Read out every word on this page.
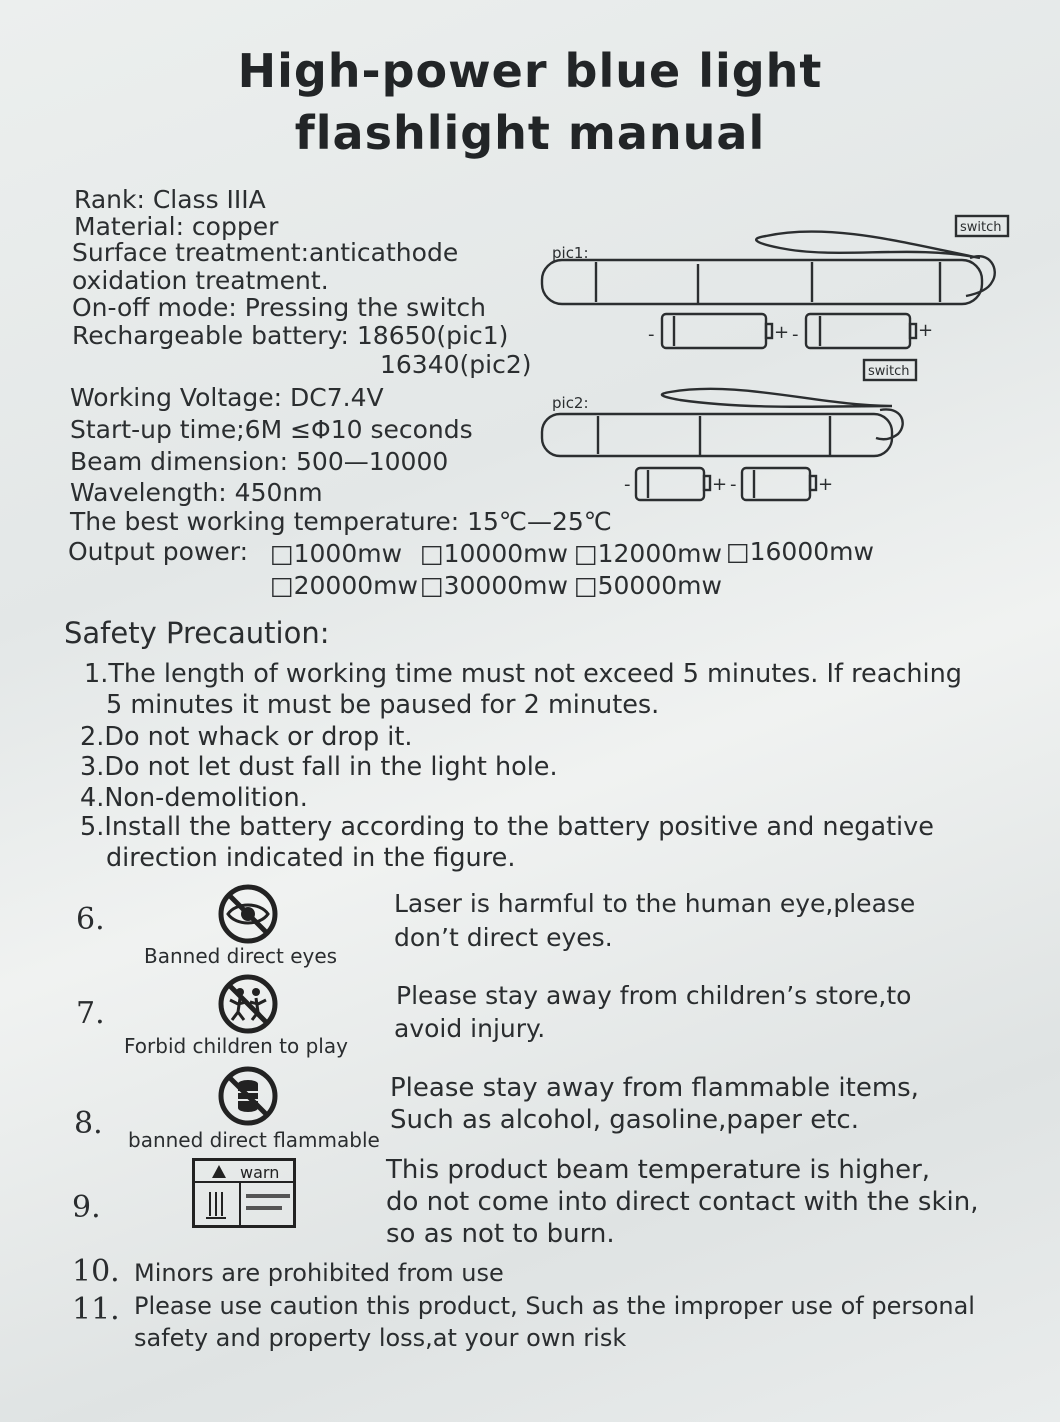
High-power blue light
flashlight manual
Rank: Class IIIA
Material: copper
Surface treatment:anticathode
oxidation treatment.
On-off mode: Pressing the switch
Rechargeable battery: 18650(pic1)
16340(pic2)
Working Voltage: DC7.4V
Start-up time;6M ≤Φ10 seconds
Beam dimension: 500—10000
Wavelength: 450nm
The best working temperature: 15℃—25℃
Output power: □1000mw □10000mw □12000mw □16000mw
□20000mw □30000mw □50000mw
pic1:
switch
-	+ -	+
pic2:
switch
-	+ -	+
Safety Precaution:
1.The length of working time must not exceed 5 minutes. If reaching
5 minutes it must be paused for 2 minutes.
2.Do not whack or drop it.
3.Do not let dust fall in the light hole.
4.Non-demolition.
5.Install the battery according to the battery positive and negative
direction indicated in the figure.
6.
Banned direct eyes
Laser is harmful to the human eye,please
don’t direct eyes.
7.
Forbid children to play
Please stay away from children’s store,to
avoid injury.
8. banned direct flammable
Please stay away from flammable items,
Such as alcohol, gasoline,paper etc.
9.
warn	This product beam temperature is higher,
do not come into direct contact with the skin,
so as not to burn.
10. Minors are prohibited from use
11. Please use caution this product, Such as the improper use of personal
safety and property loss,at your own risk
